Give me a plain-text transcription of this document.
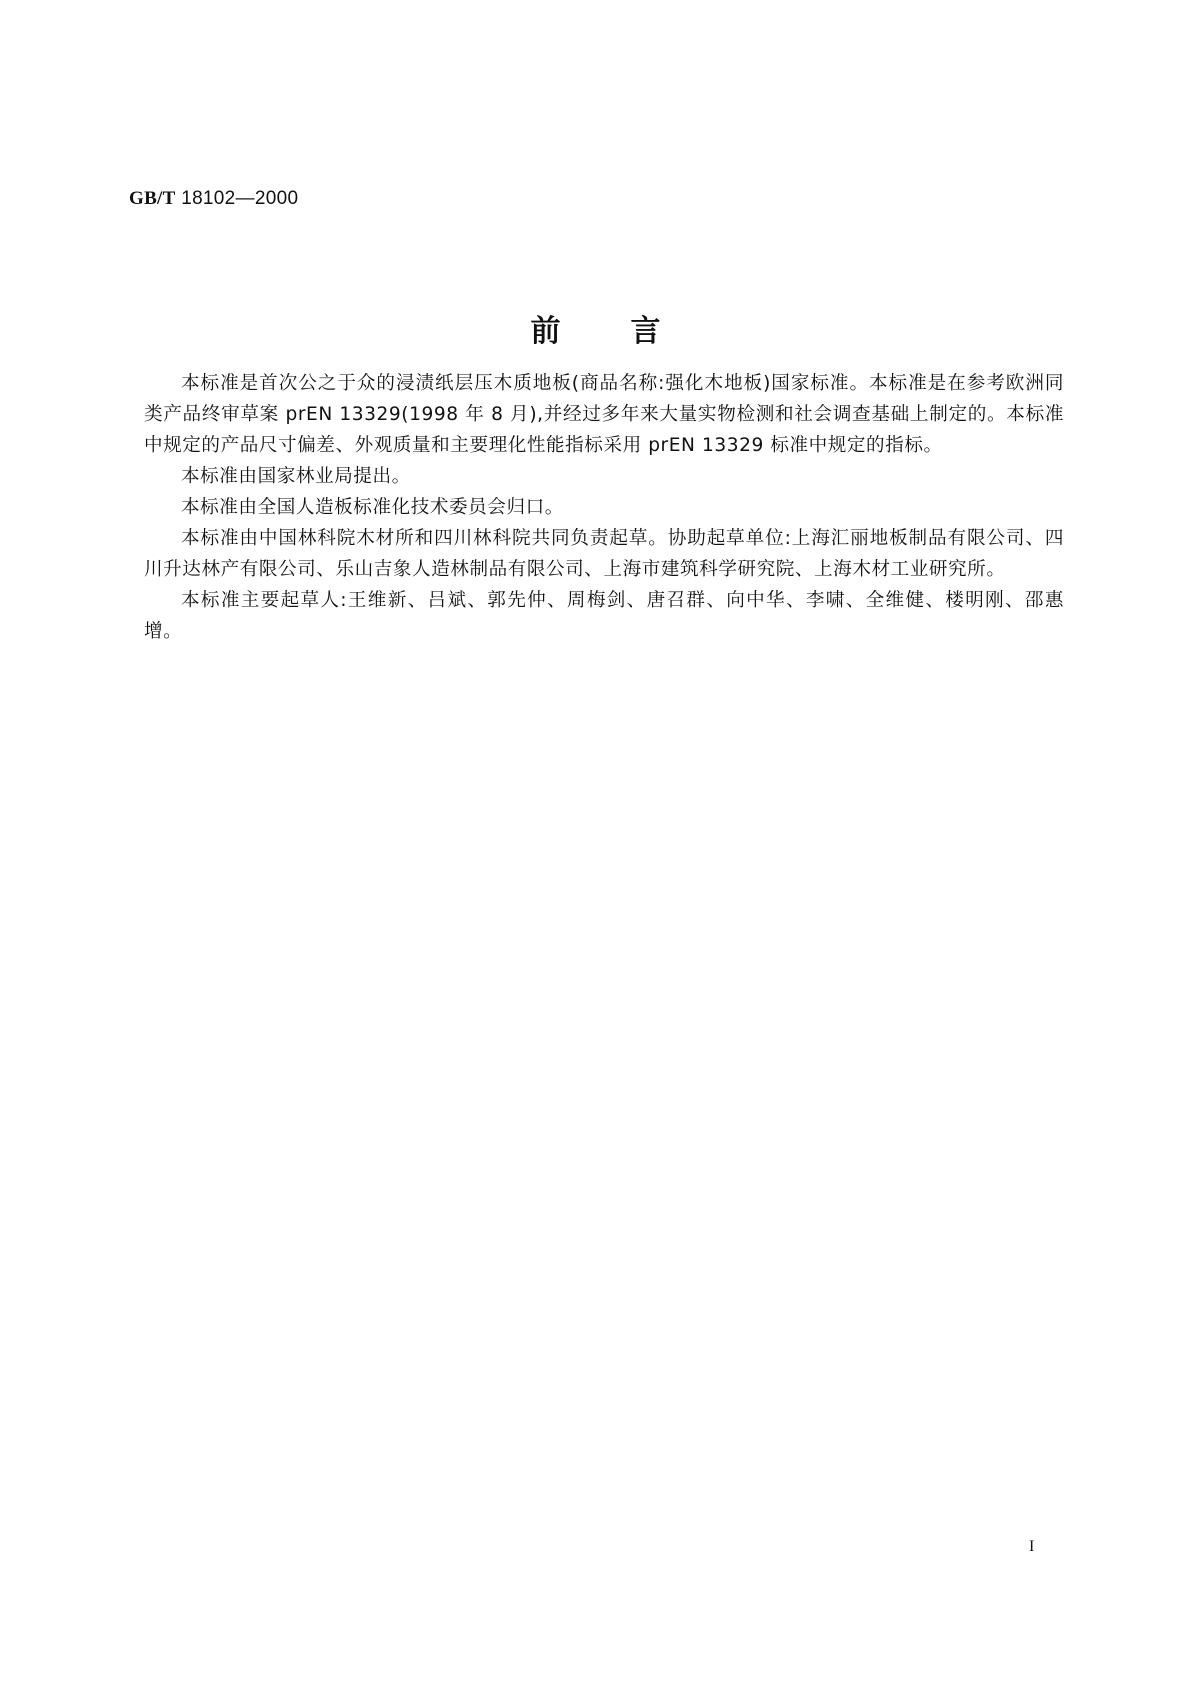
GB/T 18102—2000
前言

本标准是首次公之于众的浸渍纸层压木质地板(商品名称:强化木地板)国家标准。本标准是在参考欧洲同类产品终审草案 prEN 13329(1998 年 8 月),并经过多年来大量实物检测和社会调查基础上制定的。本标准中规定的产品尺寸偏差、外观质量和主要理化性能指标采用 prEN 13329 标准中规定的指标。

本标准由国家林业局提出。

本标准由全国人造板标准化技术委员会归口。

本标准由中国林科院木材所和四川林科院共同负责起草。协助起草单位:上海汇丽地板制品有限公司、四川升达林产有限公司、乐山吉象人造林制品有限公司、上海市建筑科学研究院、上海木材工业研究所。

本标准主要起草人:王维新、吕斌、郭先仲、周梅剑、唐召群、向中华、李啸、全维健、楼明刚、邵惠增。

I
